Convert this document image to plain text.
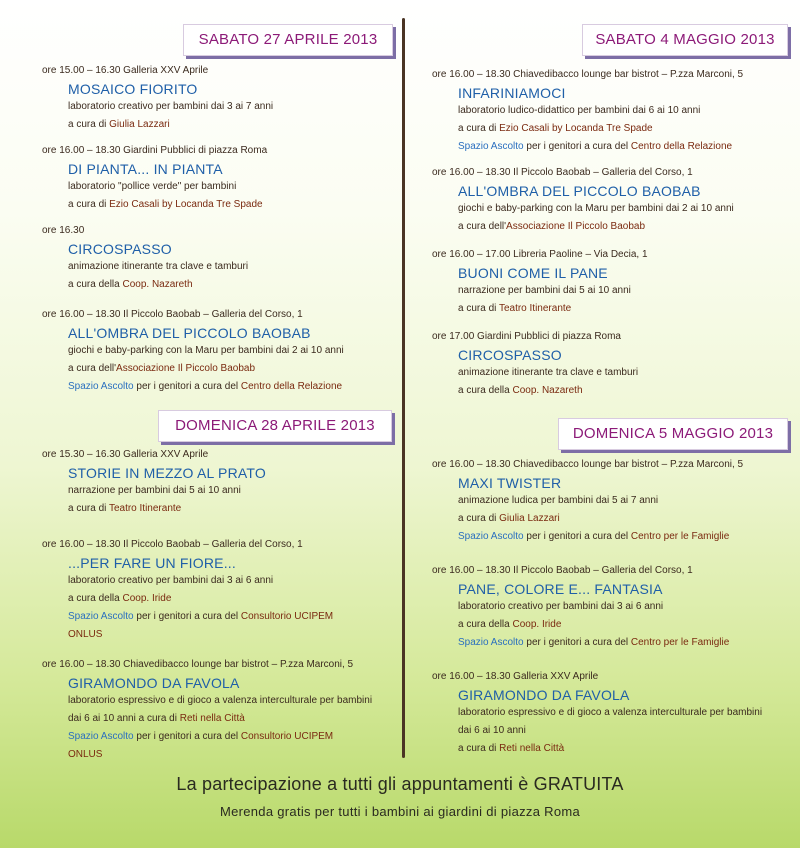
SABATO 27 APRILE 2013
ore 15.00 – 16.30 Galleria XXV Aprile
MOSAICO FIORITO
laboratorio creativo per bambini dai 3 ai 7 anni
a cura di Giulia Lazzari
ore 16.00 – 18.30 Giardini Pubblici di piazza Roma
DI PIANTA... IN PIANTA
laboratorio "pollice verde" per bambini
a cura di Ezio Casali by Locanda Tre Spade
ore 16.30
CIRCOSPASSO
animazione itinerante tra clave e tamburi
a cura della Coop. Nazareth
ore 16.00 – 18.30 Il Piccolo Baobab – Galleria del Corso, 1
ALL'OMBRA DEL PICCOLO BAOBAB
giochi e baby-parking con la Maru per bambini dai 2 ai 10 anni
a cura dell'Associazione Il Piccolo Baobab
Spazio Ascolto per i genitori a cura del Centro della Relazione
DOMENICA 28 APRILE 2013
ore 15.30 – 16.30 Galleria XXV Aprile
STORIE IN MEZZO AL PRATO
narrazione per bambini dai 5 ai 10 anni
a cura di Teatro Itinerante
ore 16.00 – 18.30 Il Piccolo Baobab – Galleria del Corso, 1
...PER FARE UN FIORE...
laboratorio creativo per bambini dai 3 ai 6 anni
a cura della Coop. Iride
Spazio Ascolto per i genitori a cura del Consultorio UCIPEM
ONLUS
ore 16.00 – 18.30 Chiavedibacco lounge bar bistrot – P.zza Marconi, 5
GIRAMONDO DA FAVOLA
laboratorio espressivo e di gioco a valenza interculturale per bambini
dai 6 ai 10 anni a cura di Reti nella Città
Spazio Ascolto per i genitori a cura del Consultorio UCIPEM
ONLUS
SABATO 4 MAGGIO 2013
ore 16.00 – 18.30 Chiavedibacco lounge bar bistrot – P.zza Marconi, 5
INFARINIAMOCI
laboratorio ludico-didattico per bambini dai 6 ai 10 anni
a cura di Ezio Casali by Locanda Tre Spade
Spazio Ascolto per i genitori a cura del Centro della Relazione
ore 16.00 – 18.30 Il Piccolo Baobab – Galleria del Corso, 1
ALL'OMBRA DEL PICCOLO BAOBAB
giochi e baby-parking con la Maru per bambini dai 2 ai 10 anni
a cura dell'Associazione Il Piccolo Baobab
ore 16.00 – 17.00 Libreria Paoline – Via Decia, 1
BUONI COME IL PANE
narrazione per bambini dai 5 ai 10 anni
a cura di Teatro Itinerante
ore 17.00 Giardini Pubblici di piazza Roma
CIRCOSPASSO
animazione itinerante tra clave e tamburi
a cura della Coop. Nazareth
DOMENICA 5 MAGGIO 2013
ore 16.00 – 18.30 Chiavedibacco lounge bar bistrot – P.zza Marconi, 5
MAXI TWISTER
animazione ludica per bambini dai 5 ai 7 anni
a cura di Giulia Lazzari
Spazio Ascolto per i genitori a cura del Centro per le Famiglie
ore 16.00 – 18.30 Il Piccolo Baobab – Galleria del Corso, 1
PANE, COLORE E... FANTASIA
laboratorio creativo per bambini dai 3 ai 6 anni
a cura della Coop. Iride
Spazio Ascolto per i genitori a cura del Centro per le Famiglie
ore 16.00 – 18.30 Galleria XXV Aprile
GIRAMONDO DA FAVOLA
laboratorio espressivo e di gioco a valenza interculturale per bambini
dai 6 ai 10 anni
a cura di Reti nella Città
La partecipazione a tutti gli appuntamenti è GRATUITA
Merenda gratis per tutti i bambini ai giardini di piazza Roma
